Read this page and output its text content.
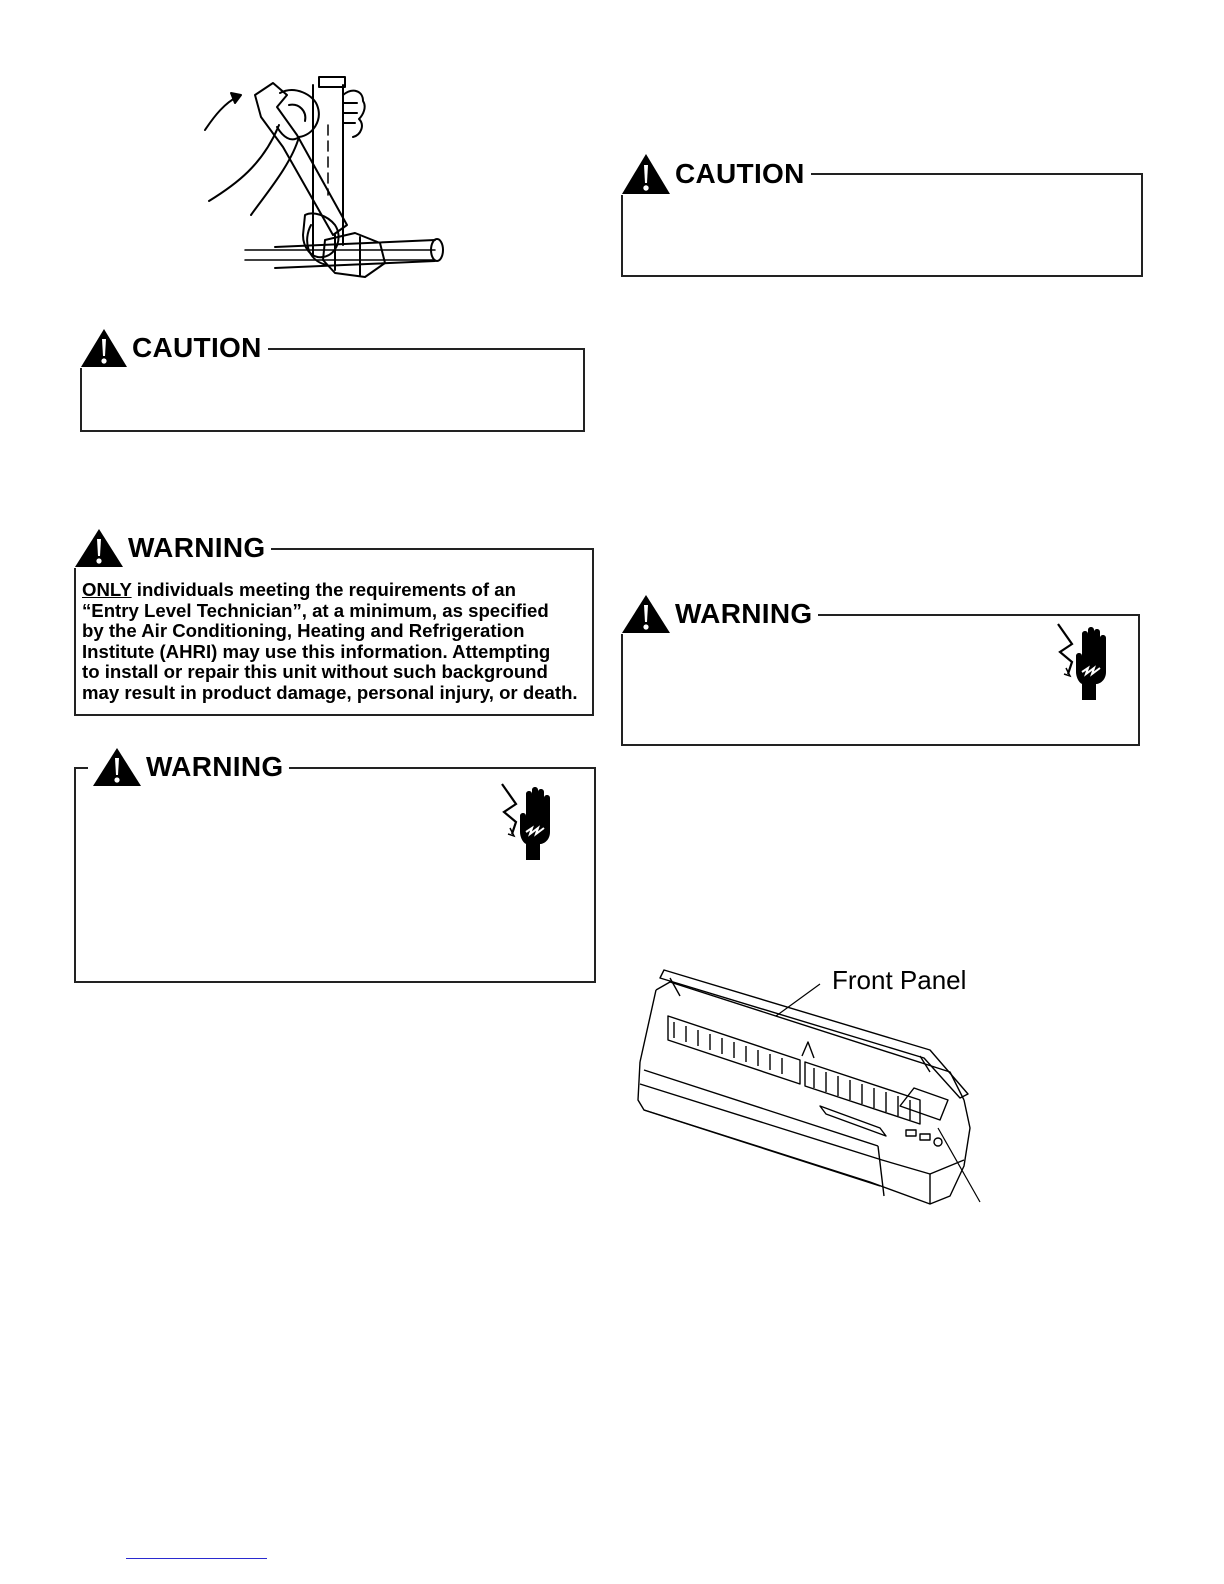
CAUTION
WARNING
ONLY individuals meeting the requirements of an
“Entry Level Technician”, at a minimum, as specified
by the Air Conditioning, Heating and Refrigeration
Institute (AHRI) may use this information. Attempting
to install or repair this unit without such background
may result in product damage, personal injury, or death.
WARNING
CAUTION
WARNING
Front Panel
